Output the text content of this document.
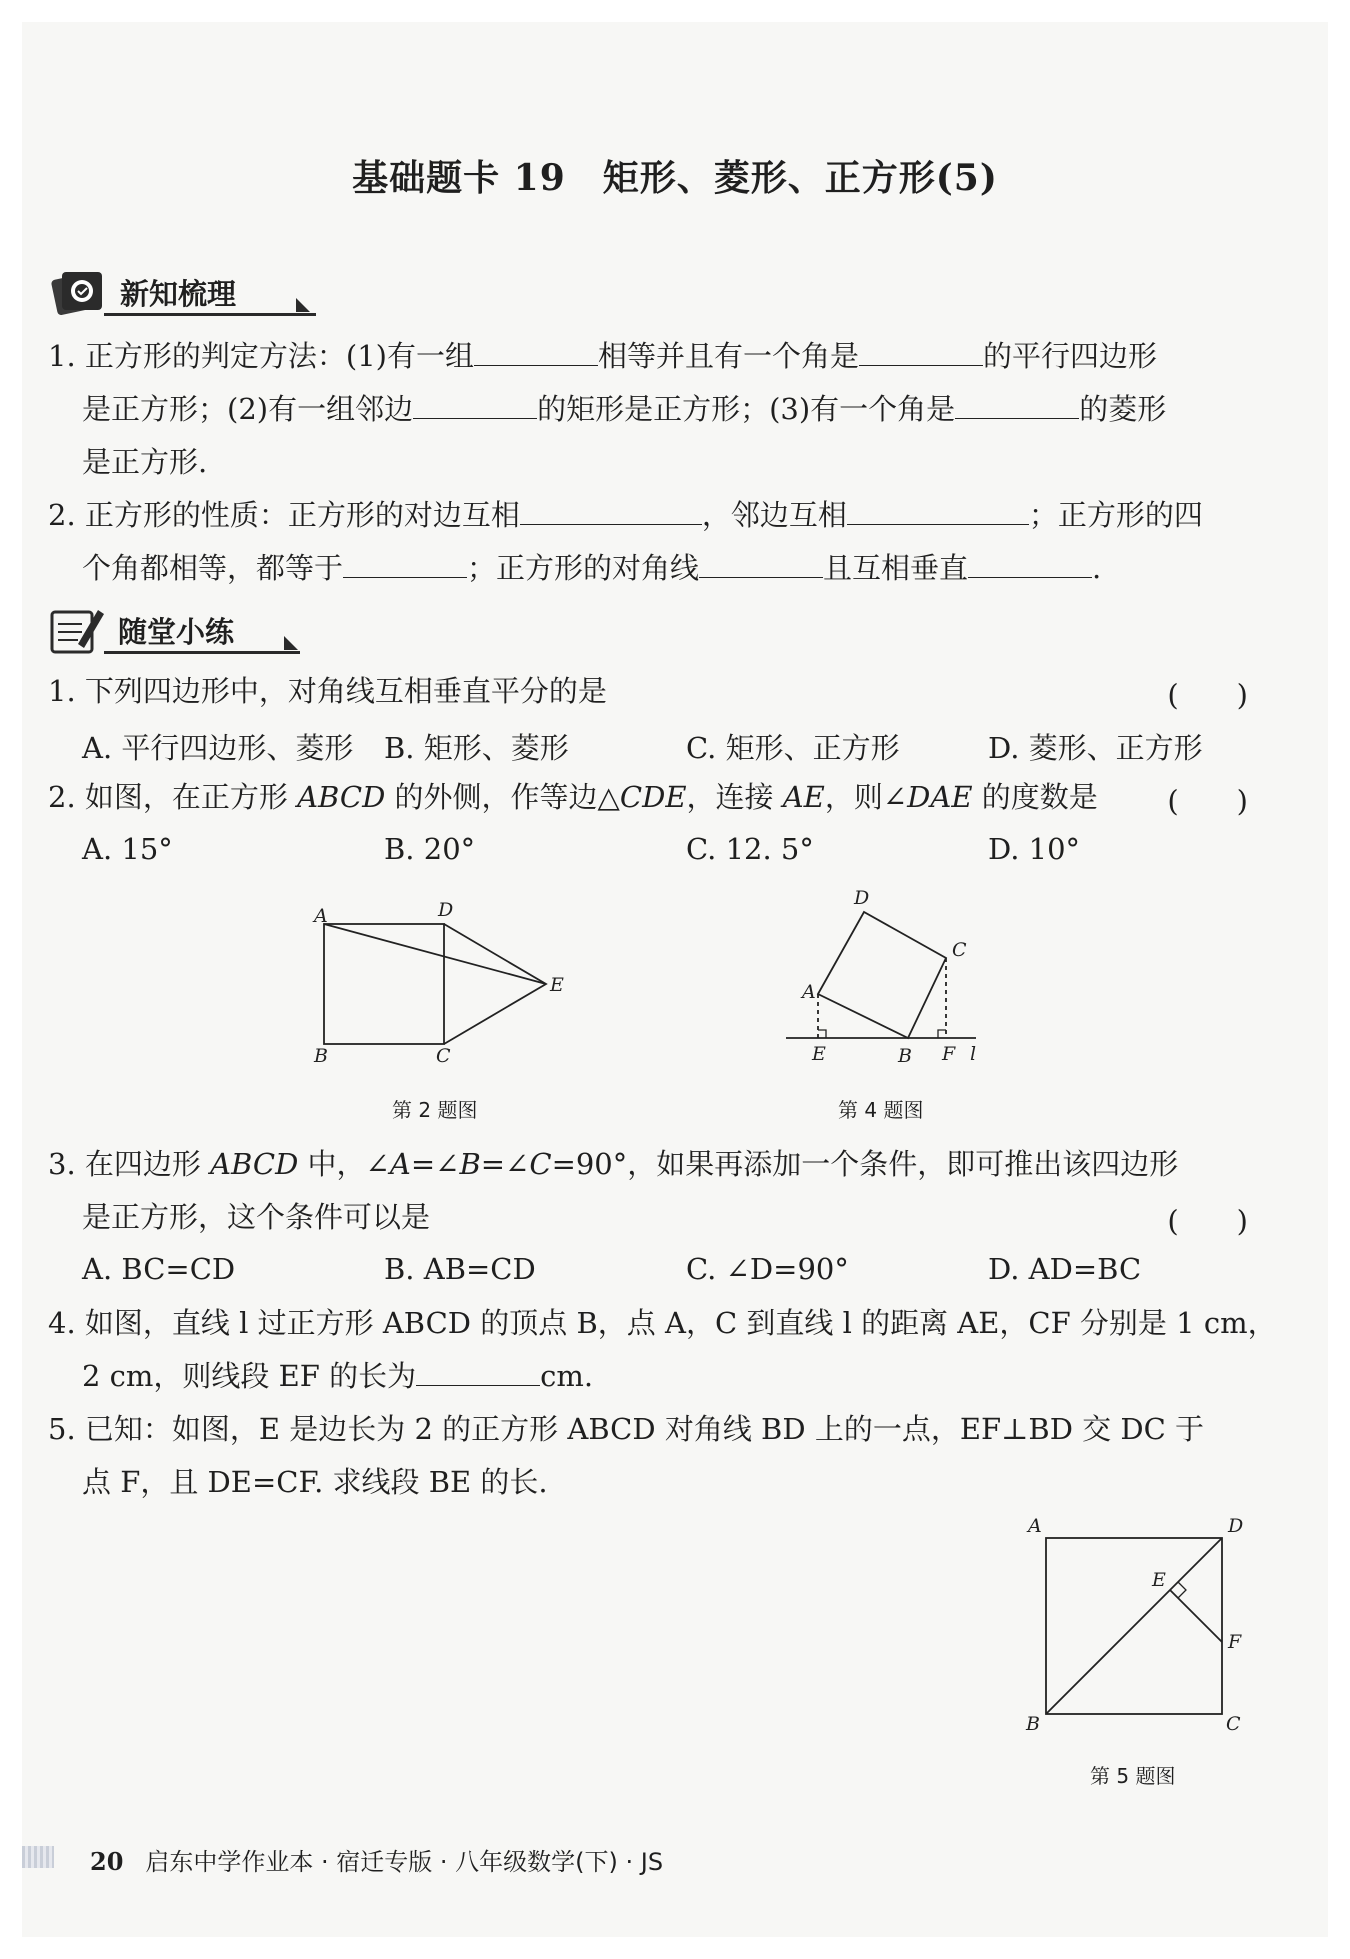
基础题卡 19　矩形、菱形、正方形(5)
新知梳理
1. 正方形的判定方法：(1)有一组	相等并且有一个角是	的平行四边形
是正方形；(2)有一组邻边	的矩形是正方形；(3)有一个角是	的菱形
是正方形.
2. 正方形的性质：正方形的对边互相	，邻边互相	；正方形的四
个角都相等，都等于	；正方形的对角线	且互相垂直	.
随堂小练
1. 下列四边形中，对角线互相垂直平分的是	(　　)
A. 平行四边形、菱形 B. 矩形、菱形	C. 矩形、正方形	D. 菱形、正方形
2. 如图，在正方形 ABCD 的外侧，作等边△CDE，连接 AE，则∠DAE 的度数是	(　　)
A. 15°	B. 20°	C. 12. 5°	D. 10°
A	D
E
B	C
第 2 题图
D
C
A
E	B F l
第 4 题图
3. 在四边形 ABCD 中，∠A=∠B=∠C=90°，如果再添加一个条件，即可推出该四边形
是正方形，这个条件可以是	(　　)
A. BC=CD	B. AB=CD	C. ∠D=90°	D. AD=BC
4. 如图，直线 l 过正方形 ABCD 的顶点 B，点 A，C 到直线 l 的距离 AE，CF 分别是 1 cm，
2 cm，则线段 EF 的长为	cm.
5. 已知：如图，E 是边长为 2 的正方形 ABCD 对角线 BD 上的一点，EF⊥BD 交 DC 于
点 F，且 DE=CF. 求线段 BE 的长.
A	D
E
F
B	C
第 5 题图
20 启东中学作业本 · 宿迁专版 · 八年级数学(下) · JS
